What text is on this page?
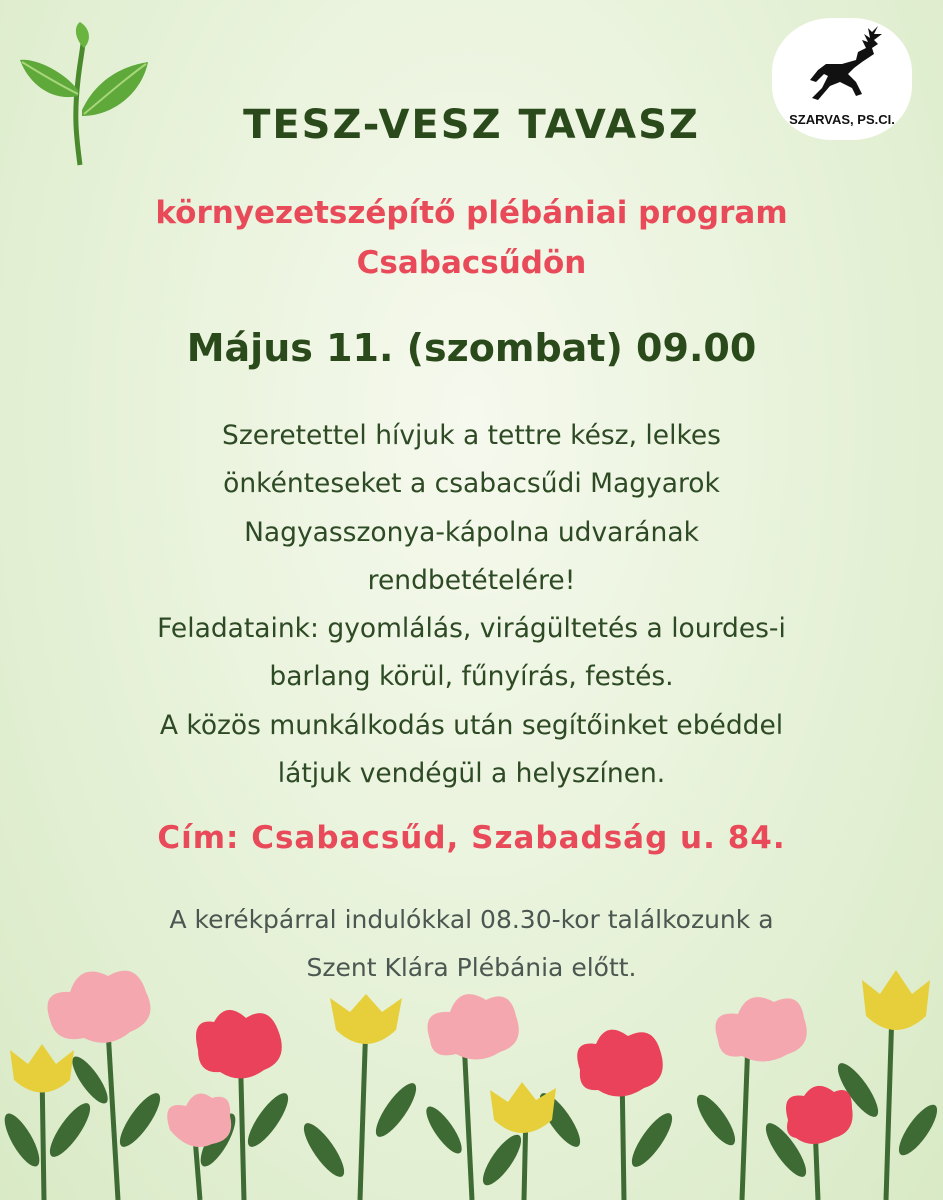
SZARVAS, PS.CI.
TESZ-VESZ TAVASZ
környezetszépítő plébániai program
Csabacsűdön
Május 11. (szombat) 09.00
Szeretettel hívjuk a tettre kész, lelkes
önkénteseket a csabacsűdi Magyarok
Nagyasszonya-kápolna udvarának
rendbetételére!
Feladataink: gyomlálás, virágültetés a lourdes-i
barlang körül, fűnyírás, festés.
A közös munkálkodás után segítőinket ebéddel
látjuk vendégül a helyszínen.
Cím: Csabacsűd, Szabadság u. 84.
A kerékpárral indulókkal 08.30-kor találkozunk a
Szent Klára Plébánia előtt.
